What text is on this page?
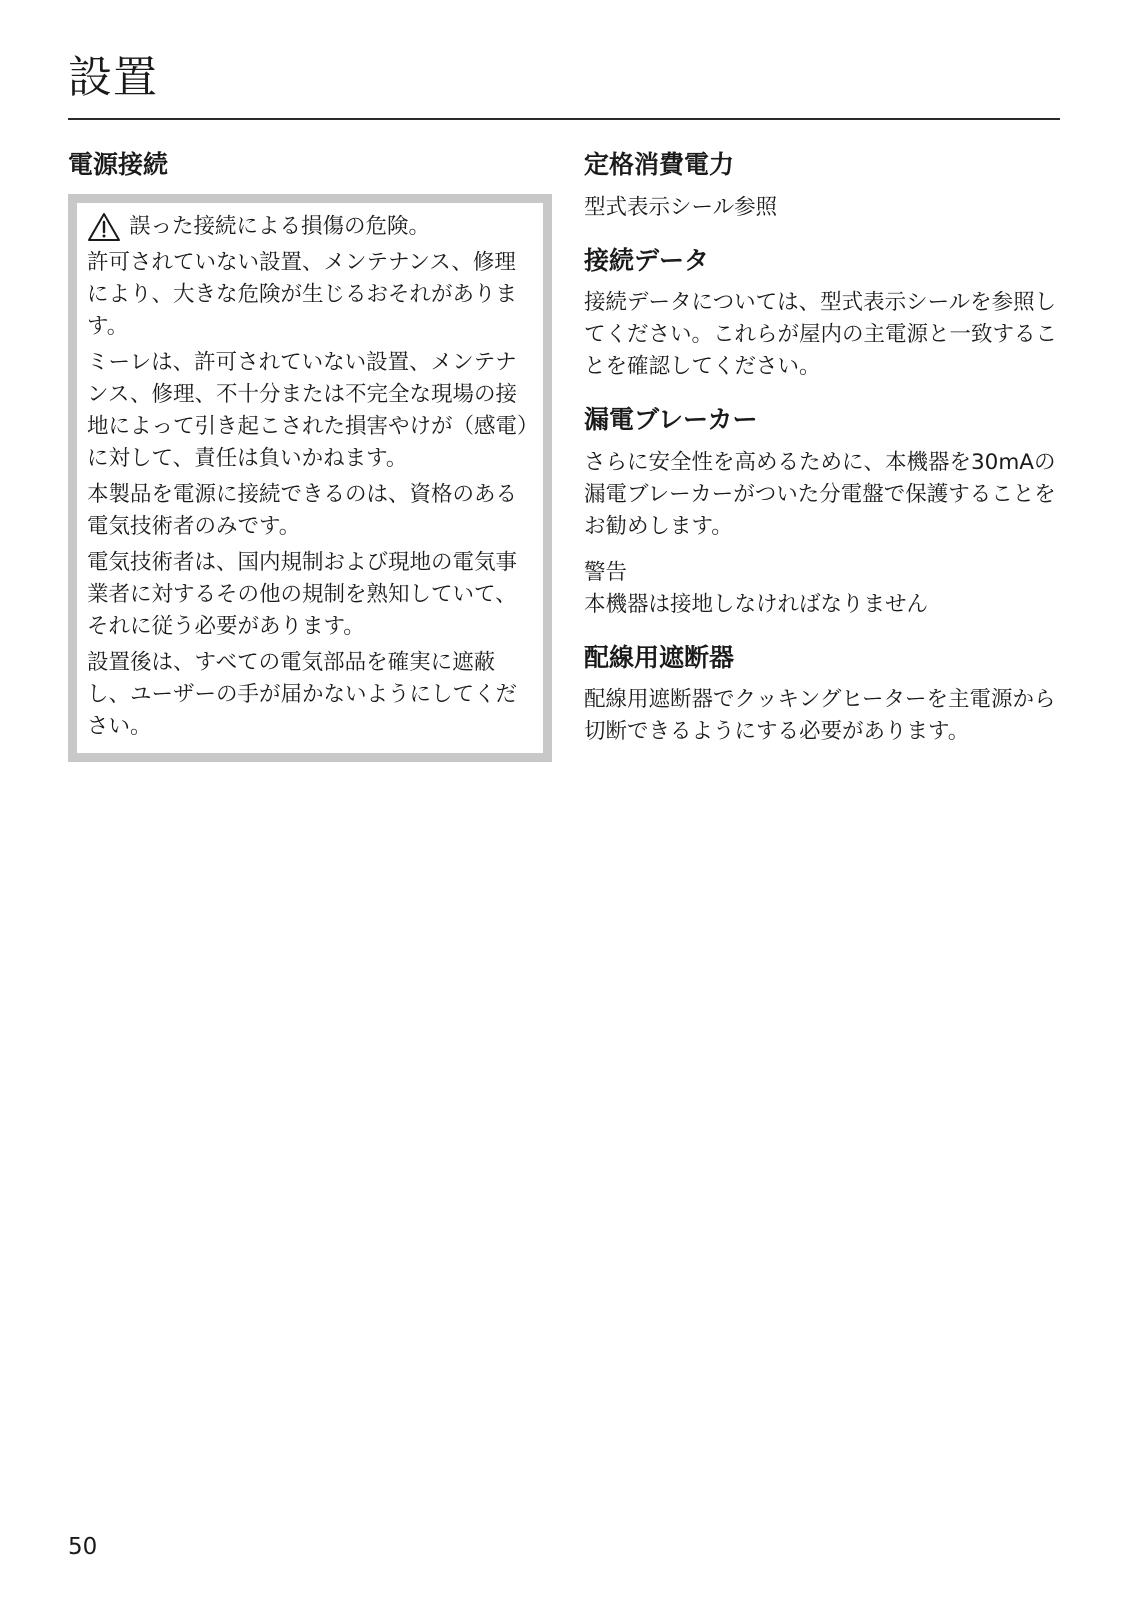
設置
電源接続

誤った接続による損傷の危険。

許可されていない設置、メンテナンス、修理により、大きな危険が生じるおそれがあります。

ミーレは、許可されていない設置、メンテナンス、修理、不十分または不完全な現場の接地によって引き起こされた損害やけが（感電）に対して、責任は負いかねます。

本製品を電源に接続できるのは、資格のある電気技術者のみです。

電気技術者は、国内規制および現地の電気事業者に対するその他の規制を熟知していて、それに従う必要があります。

設置後は、すべての電気部品を確実に遮蔽し、ユーザーの手が届かないようにしてください。

定格消費電力

型式表示シール参照

接続データ

接続データについては、型式表示シールを参照してください。これらが屋内の主電源と一致することを確認してください。

漏電ブレーカー

さらに安全性を高めるために、本機器を30mAの漏電ブレーカーがついた分電盤で保護することをお勧めします。

警告

本機器は接地しなければなりません

配線用遮断器

配線用遮断器でクッキングヒーターを主電源から切断できるようにする必要があります。

50
